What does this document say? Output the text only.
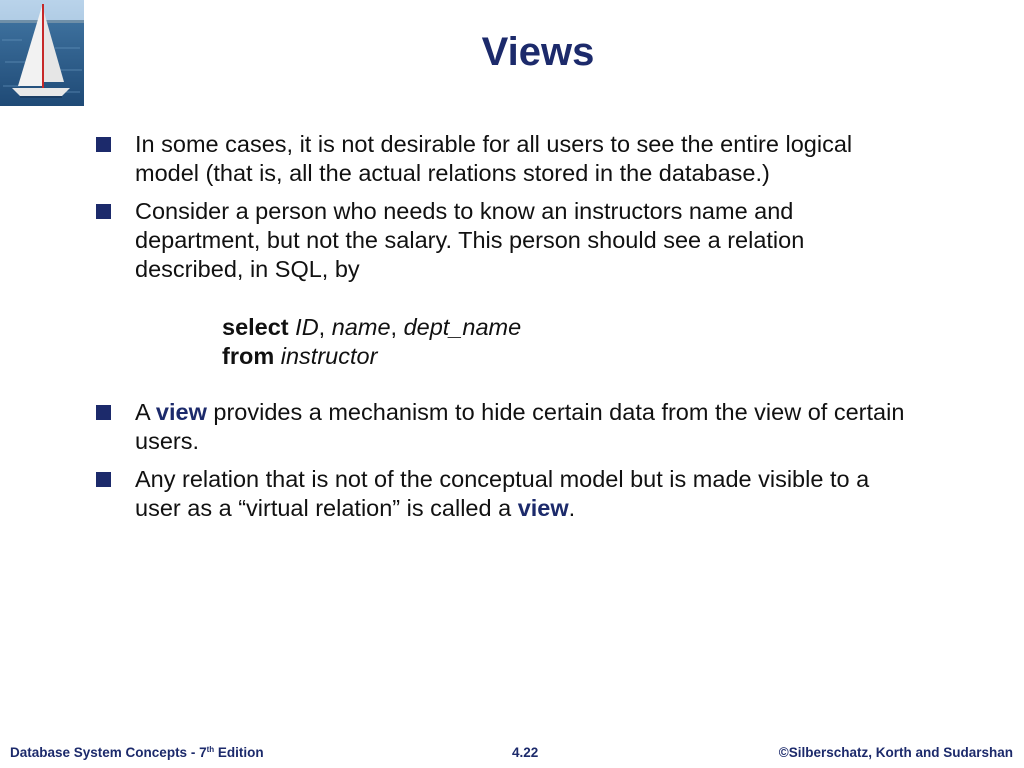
Views
In some cases, it is not desirable for all users to see the entire logical model (that is, all the actual relations stored in the database.)
Consider a person who needs to know an instructors name and department, but not the salary. This person should see a relation described, in SQL, by
select ID, name, dept_name
from instructor
A view provides a mechanism to hide certain data from the view of certain users.
Any relation that is not of the conceptual model but is made visible to a user as a “virtual relation” is called a view.
Database System Concepts - 7th Edition	4.22	©Silberschatz, Korth and Sudarshan
